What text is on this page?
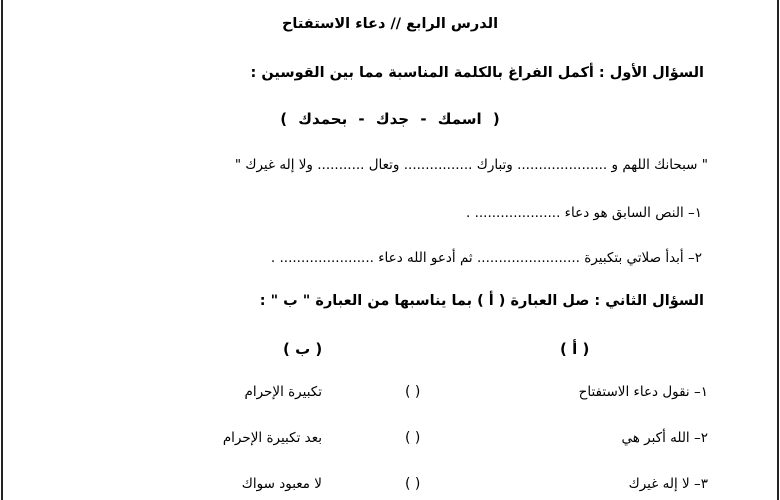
الدرس الرابع // دعاء الاستفتاح
السؤال الأول : أكمل الفراغ بالكلمة المناسبة مما بين القوسين :
( اسمك - جدك - بحمدك )
" سبحانك اللهم و ..................... وتبارك ................ وتعال ........... ولا إله غيرك "
١– النص السابق هو دعاء .................... .
٢– أبدأ صلاتي بتكبيرة ........................ ثم أدعو الله دعاء ...................... .
السؤال الثاني : صل العبارة ( أ ) بما يناسبها من العبارة " ب " :
( أ )
( ب )
١– نقول دعاء الاستفتاح
( )
تكبيرة الإحرام
٢– الله أكبر هي
( )
بعد تكبيرة الإحرام
٣– لا إله غيرك
( )
لا معبود سواك
